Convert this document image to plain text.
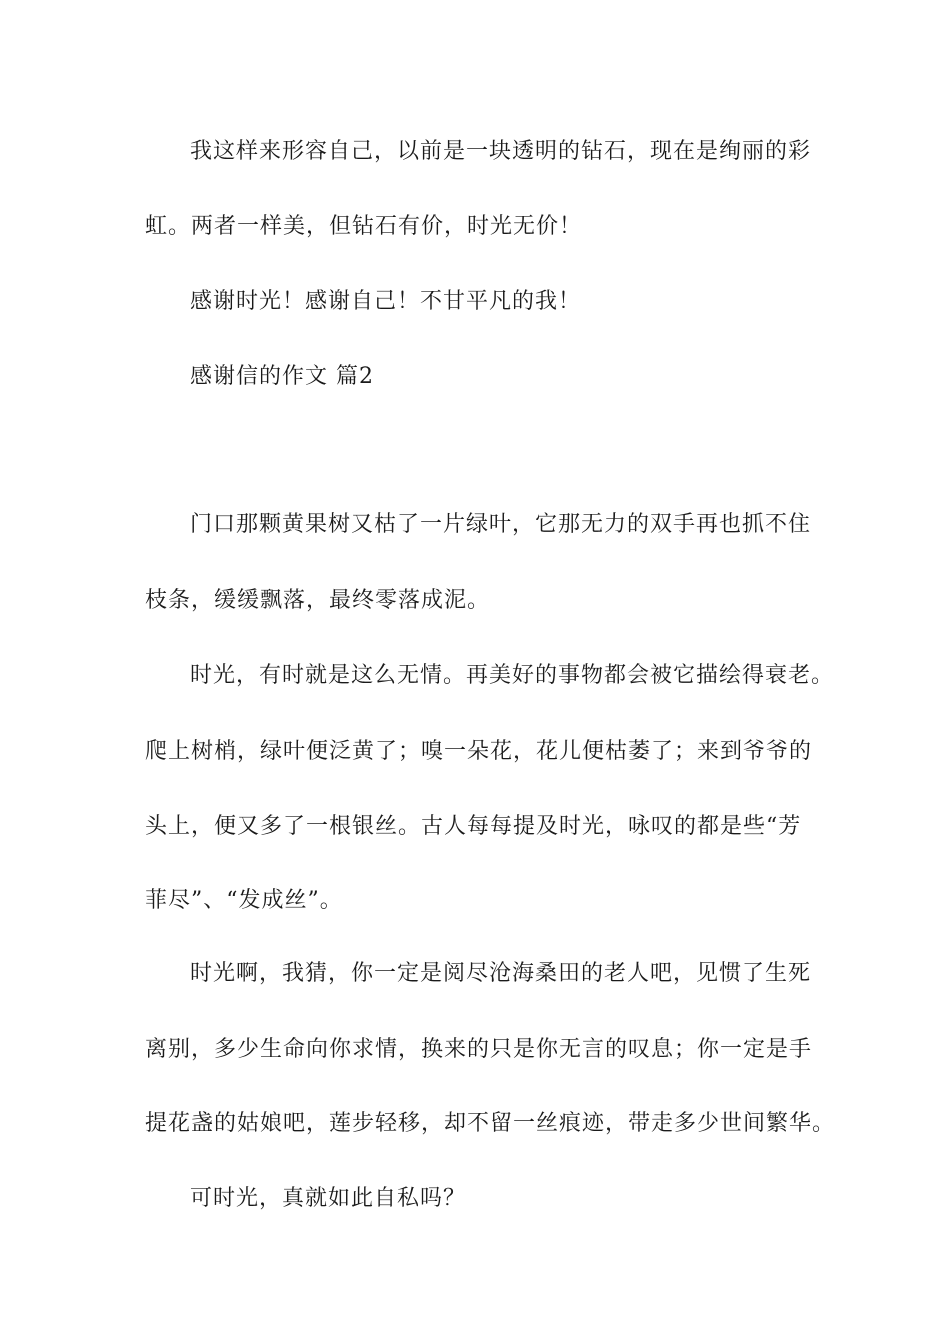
我这样来形容自己，以前是一块透明的钻石，现在是绚丽的彩
虹。两者一样美，但钻石有价，时光无价！
感谢时光！感谢自己！不甘平凡的我！
感谢信的作文 篇2
门口那颗黄果树又枯了一片绿叶，它那无力的双手再也抓不住
枝条，缓缓飘落，最终零落成泥。
时光，有时就是这么无情。再美好的事物都会被它描绘得衰老。
爬上树梢，绿叶便泛黄了；嗅一朵花，花儿便枯萎了；来到爷爷的
头上，便又多了一根银丝。古人每每提及时光，咏叹的都是些“芳
菲尽”、“发成丝”。
时光啊，我猜，你一定是阅尽沧海桑田的老人吧，见惯了生死
离别，多少生命向你求情，换来的只是你无言的叹息；你一定是手
提花盏的姑娘吧，莲步轻移，却不留一丝痕迹，带走多少世间繁华。
可时光，真就如此自私吗？
